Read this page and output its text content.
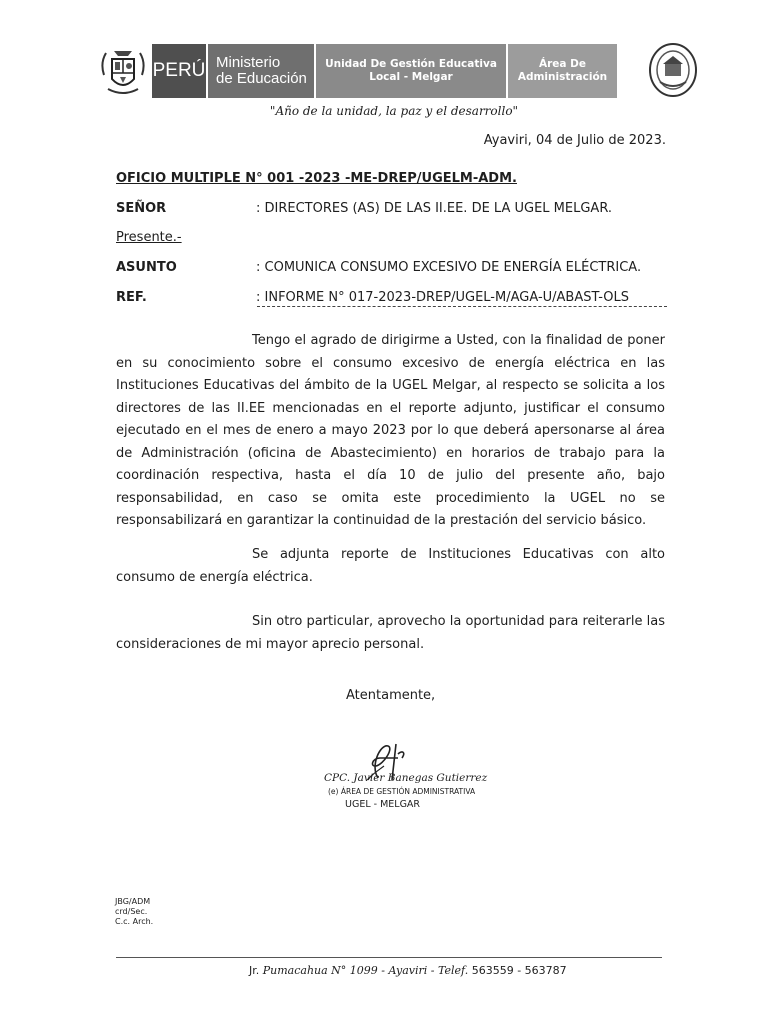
PERÚ Ministerio
de Educación
Unidad De Gestión Educativa
Local - Melgar
Área De
Administración
"Año de la unidad, la paz y el desarrollo"
Ayaviri, 04 de Julio de 2023.
OFICIO MULTIPLE N° 001 -2023 -ME-DREP/UGELM-ADM.
SEÑOR	: DIRECTORES (AS) DE LAS II.EE. DE LA UGEL MELGAR.
Presente.-
ASUNTO	: COMUNICA CONSUMO EXCESIVO DE ENERGÍA ELÉCTRICA.
REF.	: INFORME N° 017-2023-DREP/UGEL-M/AGA-U/ABAST-OLS

Tengo el agrado de dirigirme a Usted, con la finalidad de poner en su conocimiento sobre el consumo excesivo de energía eléctrica en las Instituciones Educativas del ámbito de la UGEL Melgar, al respecto se solicita a los directores de las II.EE mencionadas en el reporte adjunto, justificar el consumo ejecutado en el mes de enero a mayo 2023 por lo que deberá apersonarse al área de Administración (oficina de Abastecimiento) en horarios de trabajo para la coordinación respectiva, hasta el día 10 de julio del presente año, bajo responsabilidad, en caso se omita este procedimiento la UGEL no se responsabilizará en garantizar la continuidad de la prestación del servicio básico.

Se adjunta reporte de Instituciones Educativas con alto consumo de energía eléctrica.

Sin otro particular, aprovecho la oportunidad para reiterarle las consideraciones de mi mayor aprecio personal.

Atentamente,
CPC. Javier Banegas Gutierrez
(e) ÁREA DE GESTIÓN ADMINISTRATIVA
UGEL - MELGAR
JBG/ADM
crd/Sec.
C.c. Arch.
Jr. Pumacahua N° 1099 - Ayaviri - Telef. 563559 - 563787
